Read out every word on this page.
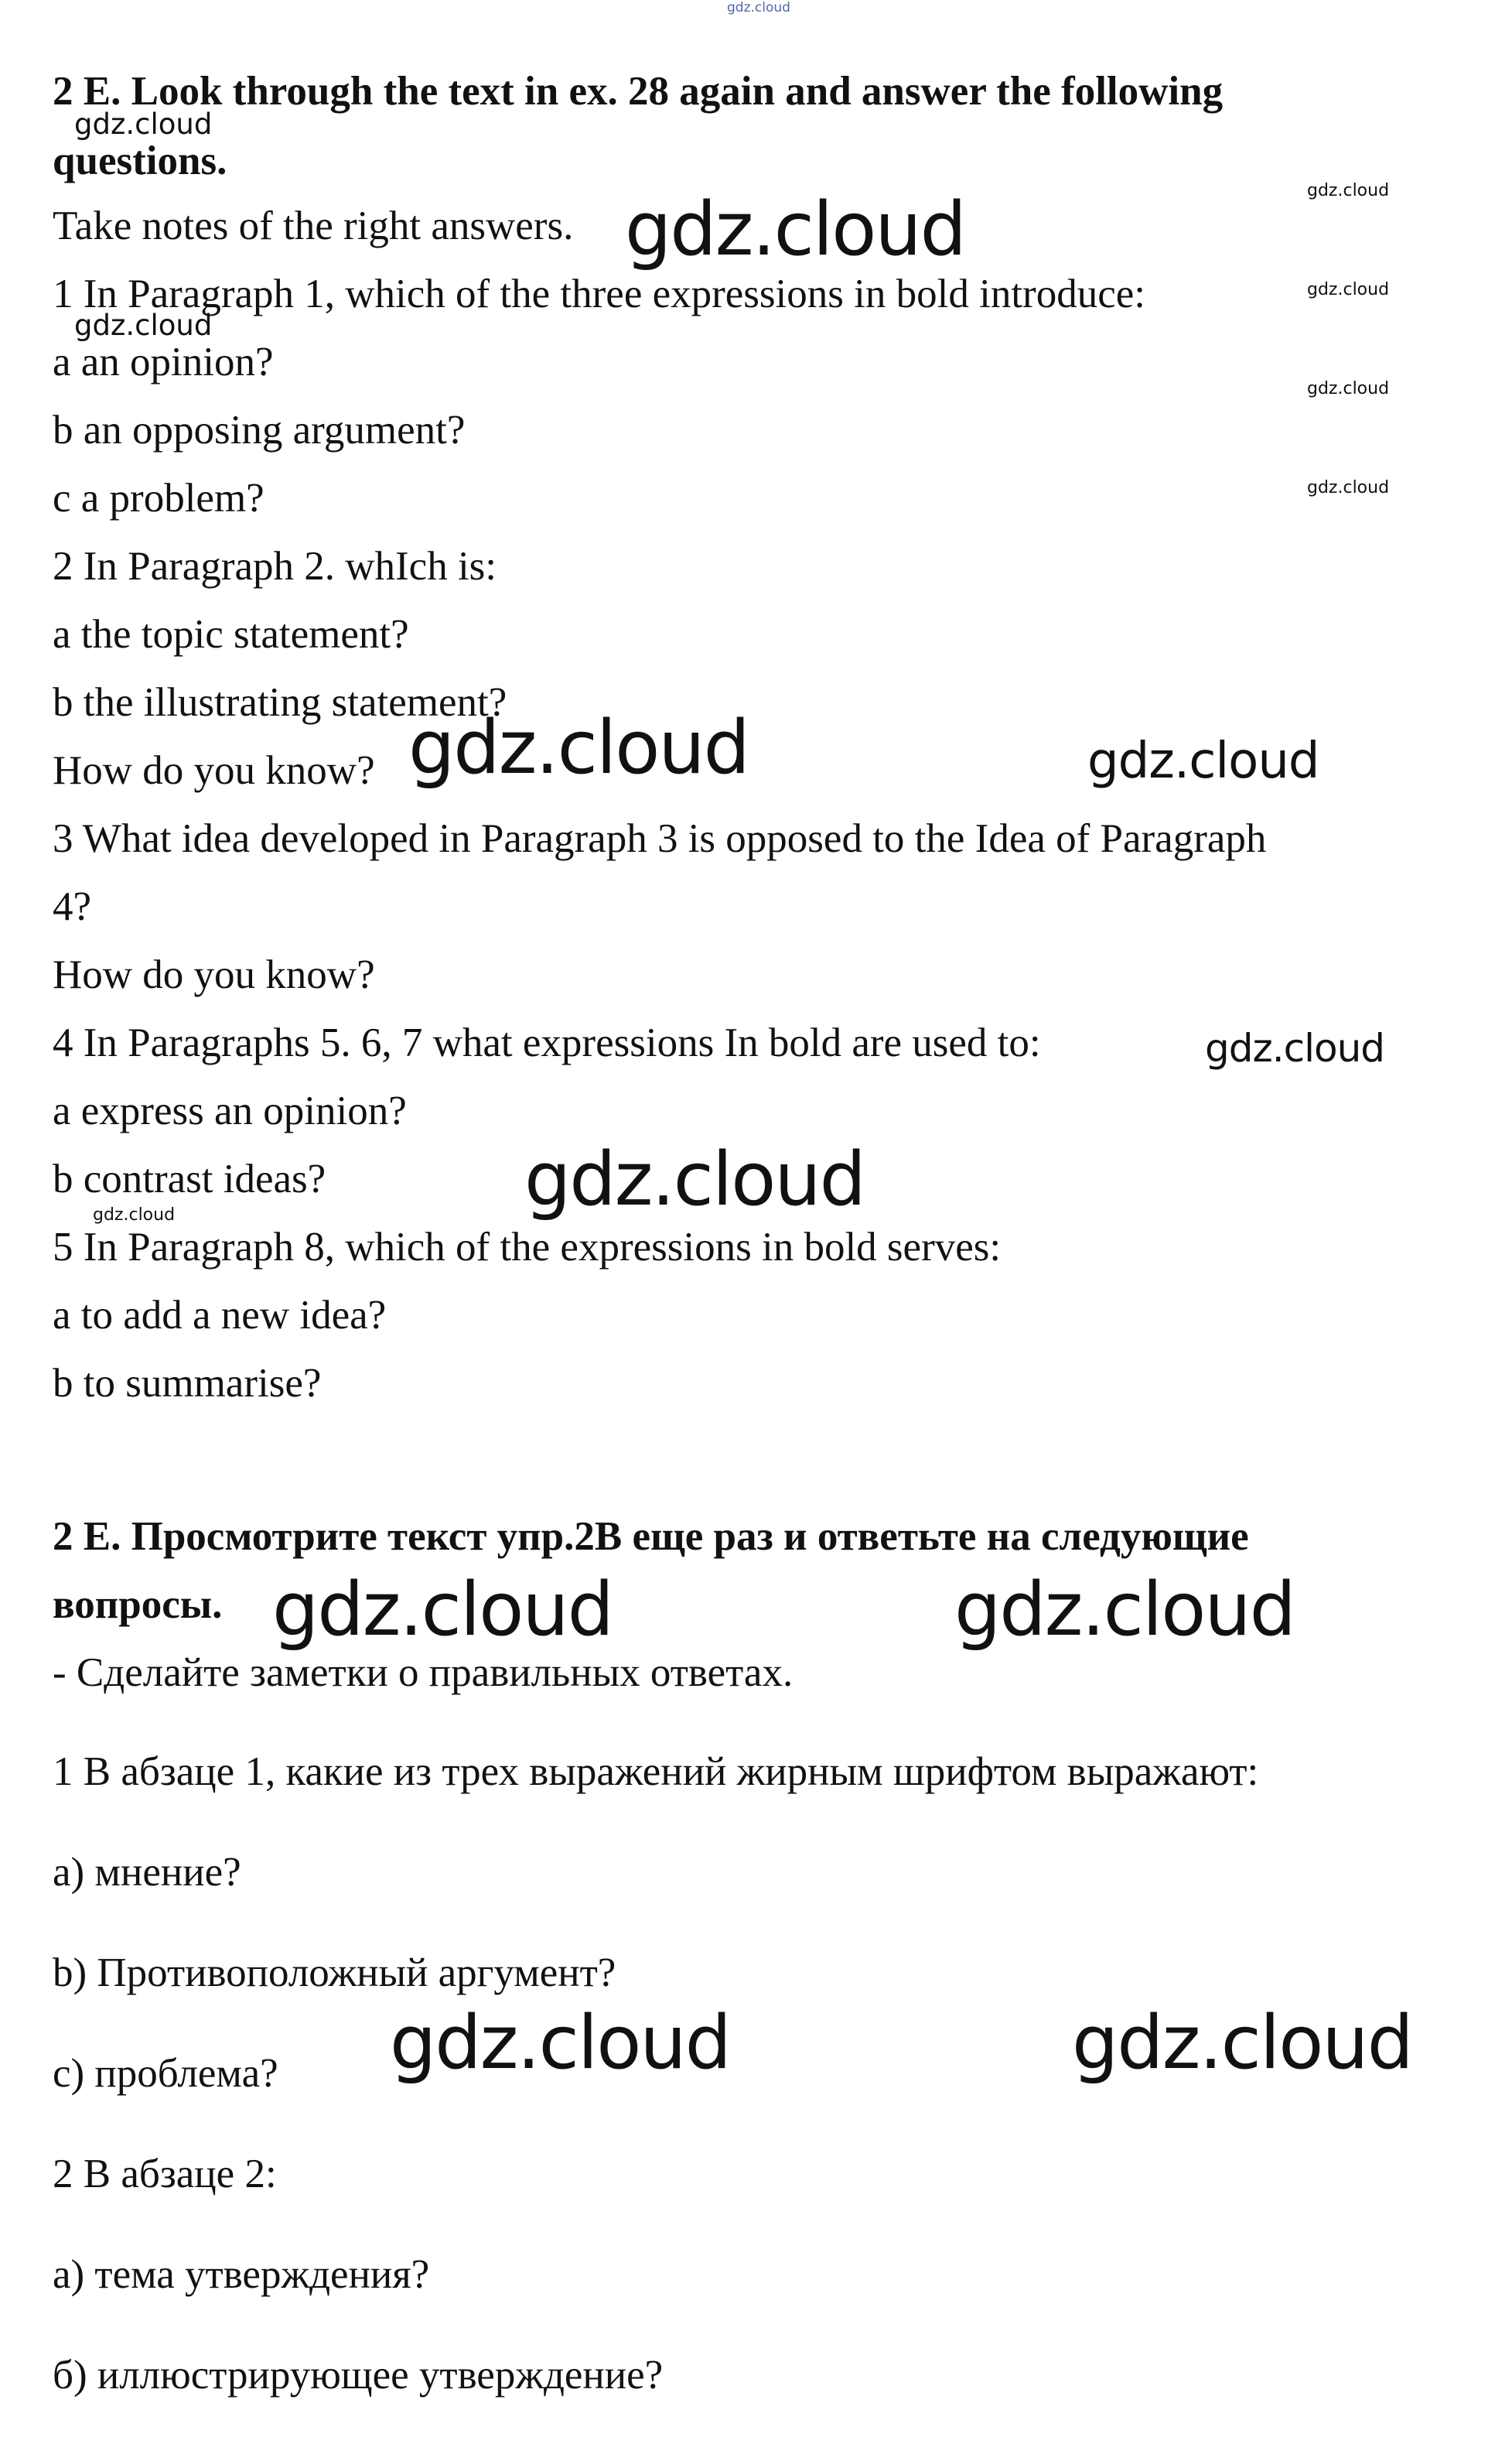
gdz.cloud

2 E. Look through the text in ex. 28 again and answer the following

questions.

Take notes of the right answers.

1 In Paragraph 1, which of the three expressions in bold introduce:

a an opinion?

b an opposing argument?

c a problem?

2 In Paragraph 2. whIch is:

a the topic statement?

b the illustrating statement?

How do you know?

3 What idea developed in Paragraph 3 is opposed to the Idea of Paragraph

4?

How do you know?

4 In Paragraphs 5. 6, 7 what expressions In bold are used to:

a express an opinion?

b contrast ideas?

5 In Paragraph 8, which of the expressions in bold serves:

a to add a new idea?

b to summarise?

2 E. Просмотрите текст упр.2В еще раз и ответьте на следующие

вопросы.

- Сделайте заметки о правильных ответах.

1 В абзаце 1, какие из трех выражений жирным шрифтом выражают:

а) мнение?

b) Противоположный аргумент?

с) проблема?

2 В абзаце 2:

а) тема утверждения?

б) иллюстрирующее утверждение?

gdz.cloud
gdz.cloud
gdz.cloud
gdz.cloud
gdz.cloud
gdz.cloud
gdz.cloud
gdz.cloud	gdz.cloud
gdz.cloud
gdz.cloud
gdz.cloud
gdz.cloud	gdz.cloud
gdz.cloud	gdz.cloud
